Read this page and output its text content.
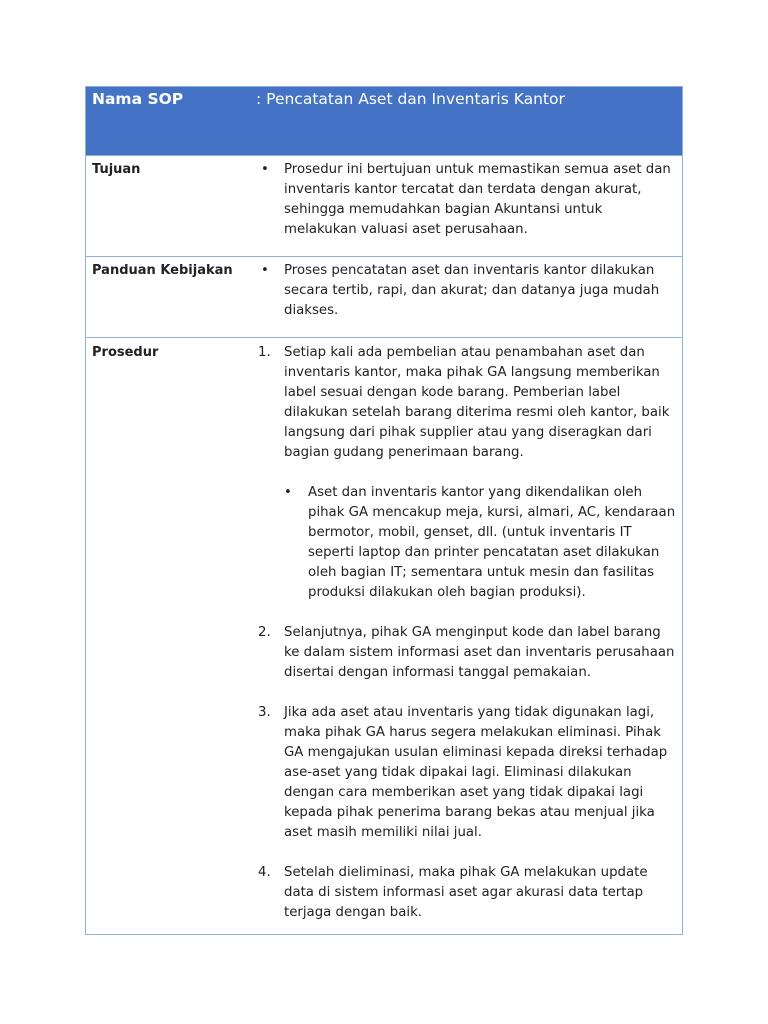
Nama SOP	: Pencatatan Aset dan Inventaris Kantor
Tujuan	•	Prosedur ini bertujuan untuk memastikan semua aset dan
inventaris kantor tercatat dan terdata dengan akurat,
sehingga memudahkan bagian Akuntansi untuk
melakukan valuasi aset perusahaan.
Panduan Kebijakan	•	Proses pencatatan aset dan inventaris kantor dilakukan
secara tertib, rapi, dan akurat; dan datanya juga mudah
diakses.
Prosedur	1.	Setiap kali ada pembelian atau penambahan aset dan
inventaris kantor, maka pihak GA langsung memberikan
label sesuai dengan kode barang. Pemberian label
dilakukan setelah barang diterima resmi oleh kantor, baik
langsung dari pihak supplier atau yang diseragkan dari
bagian gudang penerimaan barang.
•	Aset dan inventaris kantor yang dikendalikan oleh
pihak GA mencakup meja, kursi, almari, AC, kendaraan
bermotor, mobil, genset, dll. (untuk inventaris IT
seperti laptop dan printer pencatatan aset dilakukan
oleh bagian IT; sementara untuk mesin dan fasilitas
produksi dilakukan oleh bagian produksi).
2.	Selanjutnya, pihak GA menginput kode dan label barang
ke dalam sistem informasi aset dan inventaris perusahaan
disertai dengan informasi tanggal pemakaian.
3.	Jika ada aset atau inventaris yang tidak digunakan lagi,
maka pihak GA harus segera melakukan eliminasi. Pihak
GA mengajukan usulan eliminasi kepada direksi terhadap
ase-aset yang tidak dipakai lagi. Eliminasi dilakukan
dengan cara memberikan aset yang tidak dipakai lagi
kepada pihak penerima barang bekas atau menjual jika
aset masih memiliki nilai jual.
4.	Setelah dieliminasi, maka pihak GA melakukan update
data di sistem informasi aset agar akurasi data tertap
terjaga dengan baik.
